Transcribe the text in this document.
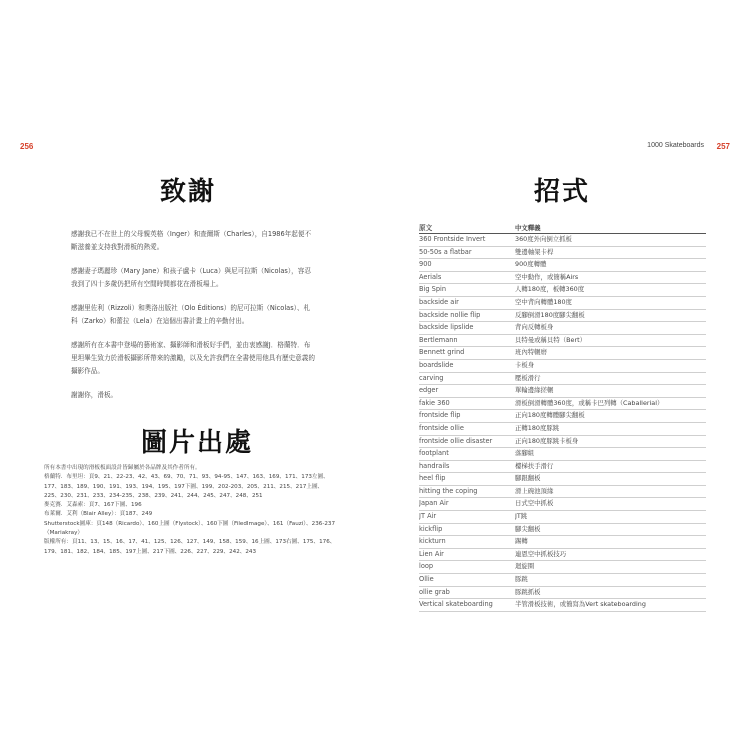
256	1000 Skateboards 257
致謝

感謝我已不在世上的父母親英格（Inger）和查爾斯（Charles），自1986年起便不斷滋養並支持我對滑板的熱愛。

感謝妻子瑪麗珍（Mary Jane）和孩子盧卡（Luca）與尼可拉斯（Nicolas），容忍我到了四十多歲仍把所有空閒時間都花在滑板場上。

感謝里佐利（Rizzoli）和奧洛出版社（Olo Éditions）的尼可拉斯（Nicolas）、札科（Zarko）和蕾拉（Lela）在這個出書計畫上的辛勤付出。

感謝所有在本書中登場的藝術家、攝影師和滑板好手們，並由衷感謝J．格蘭特．布里坦畢生致力於滑板攝影所帶來的激勵，以及允許我們在全書使用他具有歷史意義的攝影作品。

謝謝你，滑板。

圖片出處

所有本書中出現的滑板板面設計皆歸屬於各品牌及其作者所有。

格蘭特．布里坦：頁9、21、22-23、42、43、69、70、71、93、94-95、147、163、169、171、173左圖、177、183、189、190、191、193、194、195、197下圖、199、202-203、205、211、215、217上圖、225、230、231、233、234-235、238、239、241、244、245、247、248、251

麥克賽．艾森索：頁7、167下圖、196

布萊爾．艾利（Blair Alley）：頁187、249

Shutterstock圖庫：頁148（Ricardo）、160上圖（Flystock）、160下圖（FiledImage）、161（Fauzi）、236-237（Mariakray）

版權所有：頁11、13、15、16、17、41、125、126、127、149、158、159、16上圖、173右圖、175、176、179、181、182、184、185、197上圖、217下圖、226、227、229、242、243

招式
原文	中文釋義
360 Frontside Invert	360度外向倒立抓板
50-50s a flatbar	雙邊軸架卡桿
900	900度轉體
Aerials	空中動作，或簡稱Airs
Big Spin	人轉180度，板轉360度
backside air	空中背向轉體180度
backside nollie flip	反腳倒滑180度腳尖翻板
backside lipslide	背向反轉板身
Bertlemann	貝特曼或稱貝特（Bert）
Bennett grind	班內特輾磨
boardslide	卡板身
carving	壓板滑行
edger	單輪邊緣搓輾
fakie 360	滑板倒滑轉體360度，或稱卡巴列轉（Caballerial）
frontside flip	正向180度轉體腳尖翻板
frontside ollie	正轉180度豚跳
frontside ollie disaster	正向180度豚跳卡板身
footplant	落腳組
handrails	樓梯扶手滑行
heel flip	腳跟翻板
hitting the coping	滑上碗池頂緣
Japan Air	日式空中抓板
JT Air	JT跳
kickflip	腳尖翻板
kickturn	踢轉
Lien Air	連恩空中抓板技巧
loop	迴旋圈
Ollie	豚跳
ollie grab	豚跳抓板
Vertical skateboarding	半管滑板技術，或簡寫為Vert skateboarding
